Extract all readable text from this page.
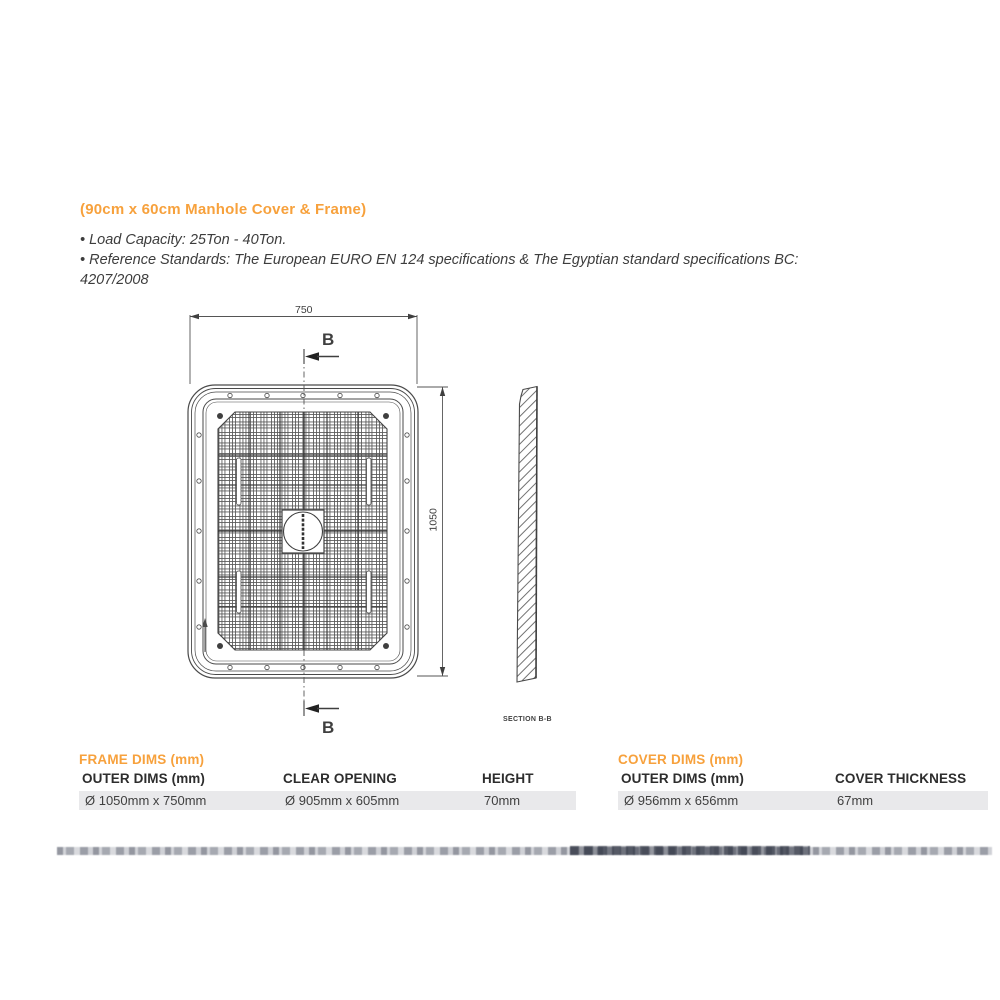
(90cm x 60cm Manhole Cover & Frame)

• Load Capacity: 25Ton - 40Ton.

• Reference Standards: The European EURO EN 124 specifications & The Egyptian standard specifications BC:

4207/2008

750
1050
B
B	SECTION B-B

FRAME DIMS (mm)

OUTER DIMS (mm)	CLEAR OPENING	HEIGHT
Ø 1050mm x 750mm	Ø 905mm x 605mm	70mm

COVER DIMS (mm)

OUTER DIMS (mm)	COVER THICKNESS
Ø 956mm x 656mm	67mm
